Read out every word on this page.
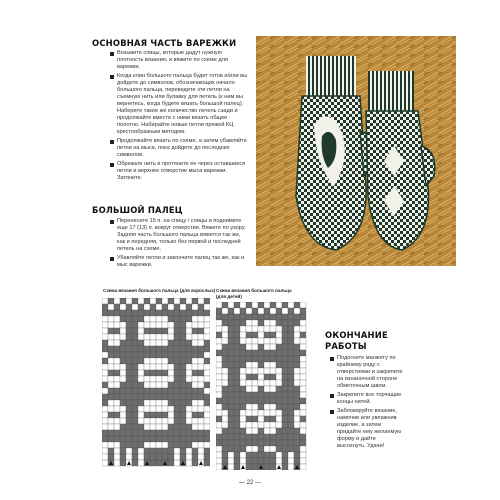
ОСНОВНАЯ ЧАСТЬ ВАРЕЖКИ
Возьмите спицы, которые дадут нужную плотность вязания, и вяжите по схеме для варежки.
Когда клин большого пальца будет готов и/или вы дойдете до символов, обозначающих начало большого пальца, переведите эти петли на съемную нить или булавку для петель (к ним вы вернетесь, когда будете вязать большой палец). Наберите такое же количество петель сзади и продолжайте вместе с ними вязать общее полотно. Набирайте новые петли пряжей КЦ крестообразным методом.
Продолжайте вязать по схеме, а затем убавляйте петли на мысе, пока дойдете до последних символов.
Обрежьте нить и протяните ее через оставшиеся петли и верхнее отверстие мыса варежки. Затяните.
БОЛЬШОЙ ПАЛЕЦ
Перенесите 15 п. на спицу / спицы и поднимите еще 17 (13) п. вокруг отверстия. Вяжите по узору. Задняя часть большого пальца вяжется так же, как и передняя, только без первой и последней петель на схеме.
Убавляйте петли и закончите палец так же, как и мыс варежки.
Схема вязания большого пальца (для взрослых) Схема вязания большого пальца (для детей)
ОКОНЧАНИЕ
РАБОТЫ
Подогните манжету по крайнему ряду с отверстиями и закрепите на изнаночной стороне обметочным швом.
Закрепите все торчащие концы нитей.
Заблокируйте вязание, намочив или увлажнив изделие, а затем придайте ему желаемую форму и дайте высохнуть. Удачи!
— 22 —
